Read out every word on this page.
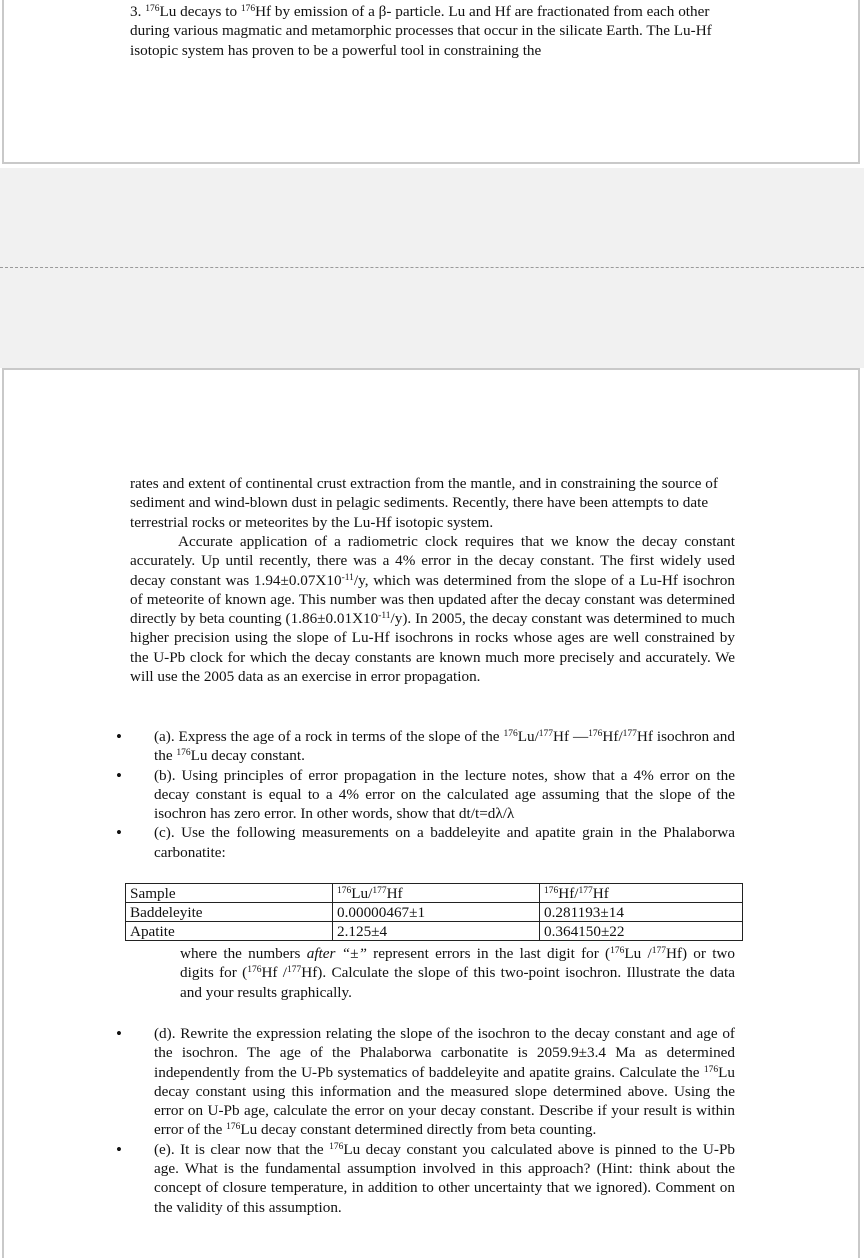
3. $^{176}$Lu decays to $^{176}$Hf by emission of a β- particle. Lu and Hf are fractionated from each other during various magmatic and metamorphic processes that occur in the silicate Earth. The Lu-Hf isotopic system has proven to be a powerful tool in constraining the
rates and extent of continental crust extraction from the mantle, and in constraining the source of sediment and wind-blown dust in pelagic sediments. Recently, there have been attempts to date terrestrial rocks or meteorites by the Lu-Hf isotopic system.
Accurate application of a radiometric clock requires that we know the decay constant accurately. Up until recently, there was a 4% error in the decay constant. The first widely used decay constant was $1.94\pm 0.07X10^{-11}/y$, which was determined from the slope of a Lu-Hf isochron of meteorite of known age. This number was then updated after the decay constant was determined directly by beta counting $(1.86\pm 0.01X10^{-11}/y)$. In 2005, the decay constant was determined to much higher precision using the slope of Lu-Hf isochrons in rocks whose ages are well constrained by the U-Pb clock for which the decay constants are known much more precisely and accurately. We will use the 2005 data as an exercise in error propagation.
• (a). Express the age of a rock in terms of the slope of the $^{176}$Lu/$^{177}$Hf —$^{176}$Hf/$^{177}$Hf isochron and the $^{176}$Lu decay constant.
• (b). Using principles of error propagation in the lecture notes, show that a 4% error on the decay constant is equal to a 4% error on the calculated age assuming that the slope of the isochron has zero error. In other words, show that dt/t=dλ/λ
• (c). Use the following measurements on a baddeleyite and apatite grain in the Phalaborwa carbonatite:
Sample	$^{176}$Lu/$^{177}$Hf	$^{176}$Hf/$^{177}$Hf
Baddeleyite	0.00000467±1	0.281193±14
Apatite	2.125±4	0.364150±22
where the numbers after “±” represent errors in the last digit for ($^{176}$Lu /$^{177}$Hf) or two digits for ($^{176}$Hf /$^{177}$Hf). Calculate the slope of this two-point isochron. Illustrate the data and your results graphically.
• (d). Rewrite the expression relating the slope of the isochron to the decay constant and age of the isochron. The age of the Phalaborwa carbonatite is 2059.9±3.4 Ma as determined independently from the U-Pb systematics of baddeleyite and apatite grains. Calculate the $^{176}$Lu decay constant using this information and the measured slope determined above. Using the error on U-Pb age, calculate the error on your decay constant. Describe if your result is within error of the $^{176}$Lu decay constant determined directly from beta counting.
• (e). It is clear now that the $^{176}$Lu decay constant you calculated above is pinned to the U-Pb age. What is the fundamental assumption involved in this approach? (Hint: think about the concept of closure temperature, in addition to other uncertainty that we ignored). Comment on the validity of this assumption.
